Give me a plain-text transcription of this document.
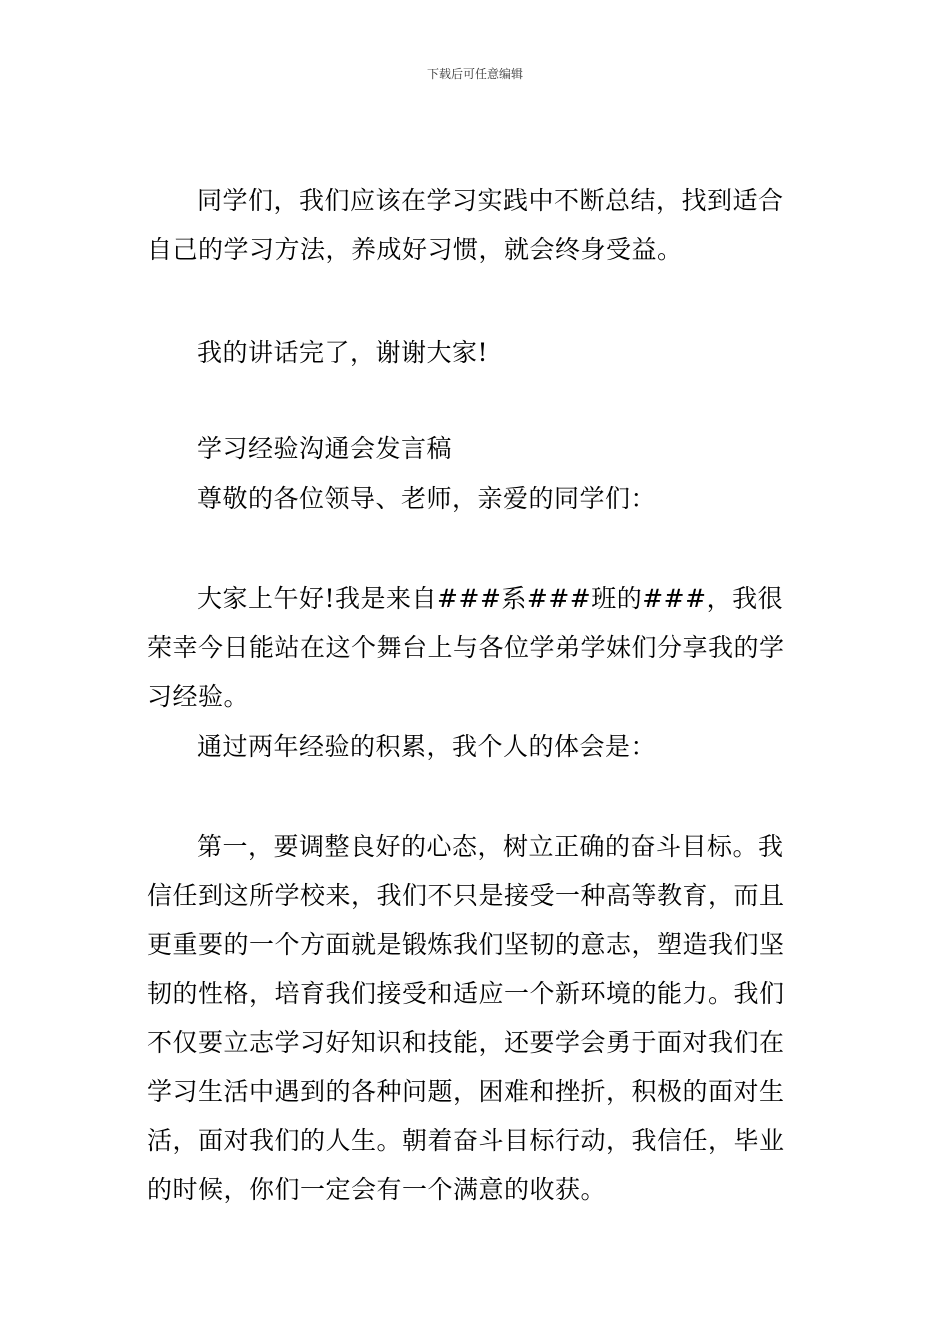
下载后可任意编辑

同学们，我们应该在学习实践中不断总结，找到适合自己的学习方法，养成好习惯，就会终身受益。

我的讲话完了，谢谢大家!

学习经验沟通会发言稿

尊敬的各位领导、老师，亲爱的同学们：

大家上午好!我是来自###系###班的###，我很荣幸今日能站在这个舞台上与各位学弟学妹们分享我的学习经验。

通过两年经验的积累，我个人的体会是：

第一，要调整良好的心态，树立正确的奋斗目标。我信任到这所学校来，我们不只是接受一种高等教育，而且更重要的一个方面就是锻炼我们坚韧的意志，塑造我们坚韧的性格，培育我们接受和适应一个新环境的能力。我们不仅要立志学习好知识和技能，还要学会勇于面对我们在学习生活中遇到的各种问题，困难和挫折，积极的面对生活，面对我们的人生。朝着奋斗目标行动，我信任，毕业的时候，你们一定会有一个满意的收获。
